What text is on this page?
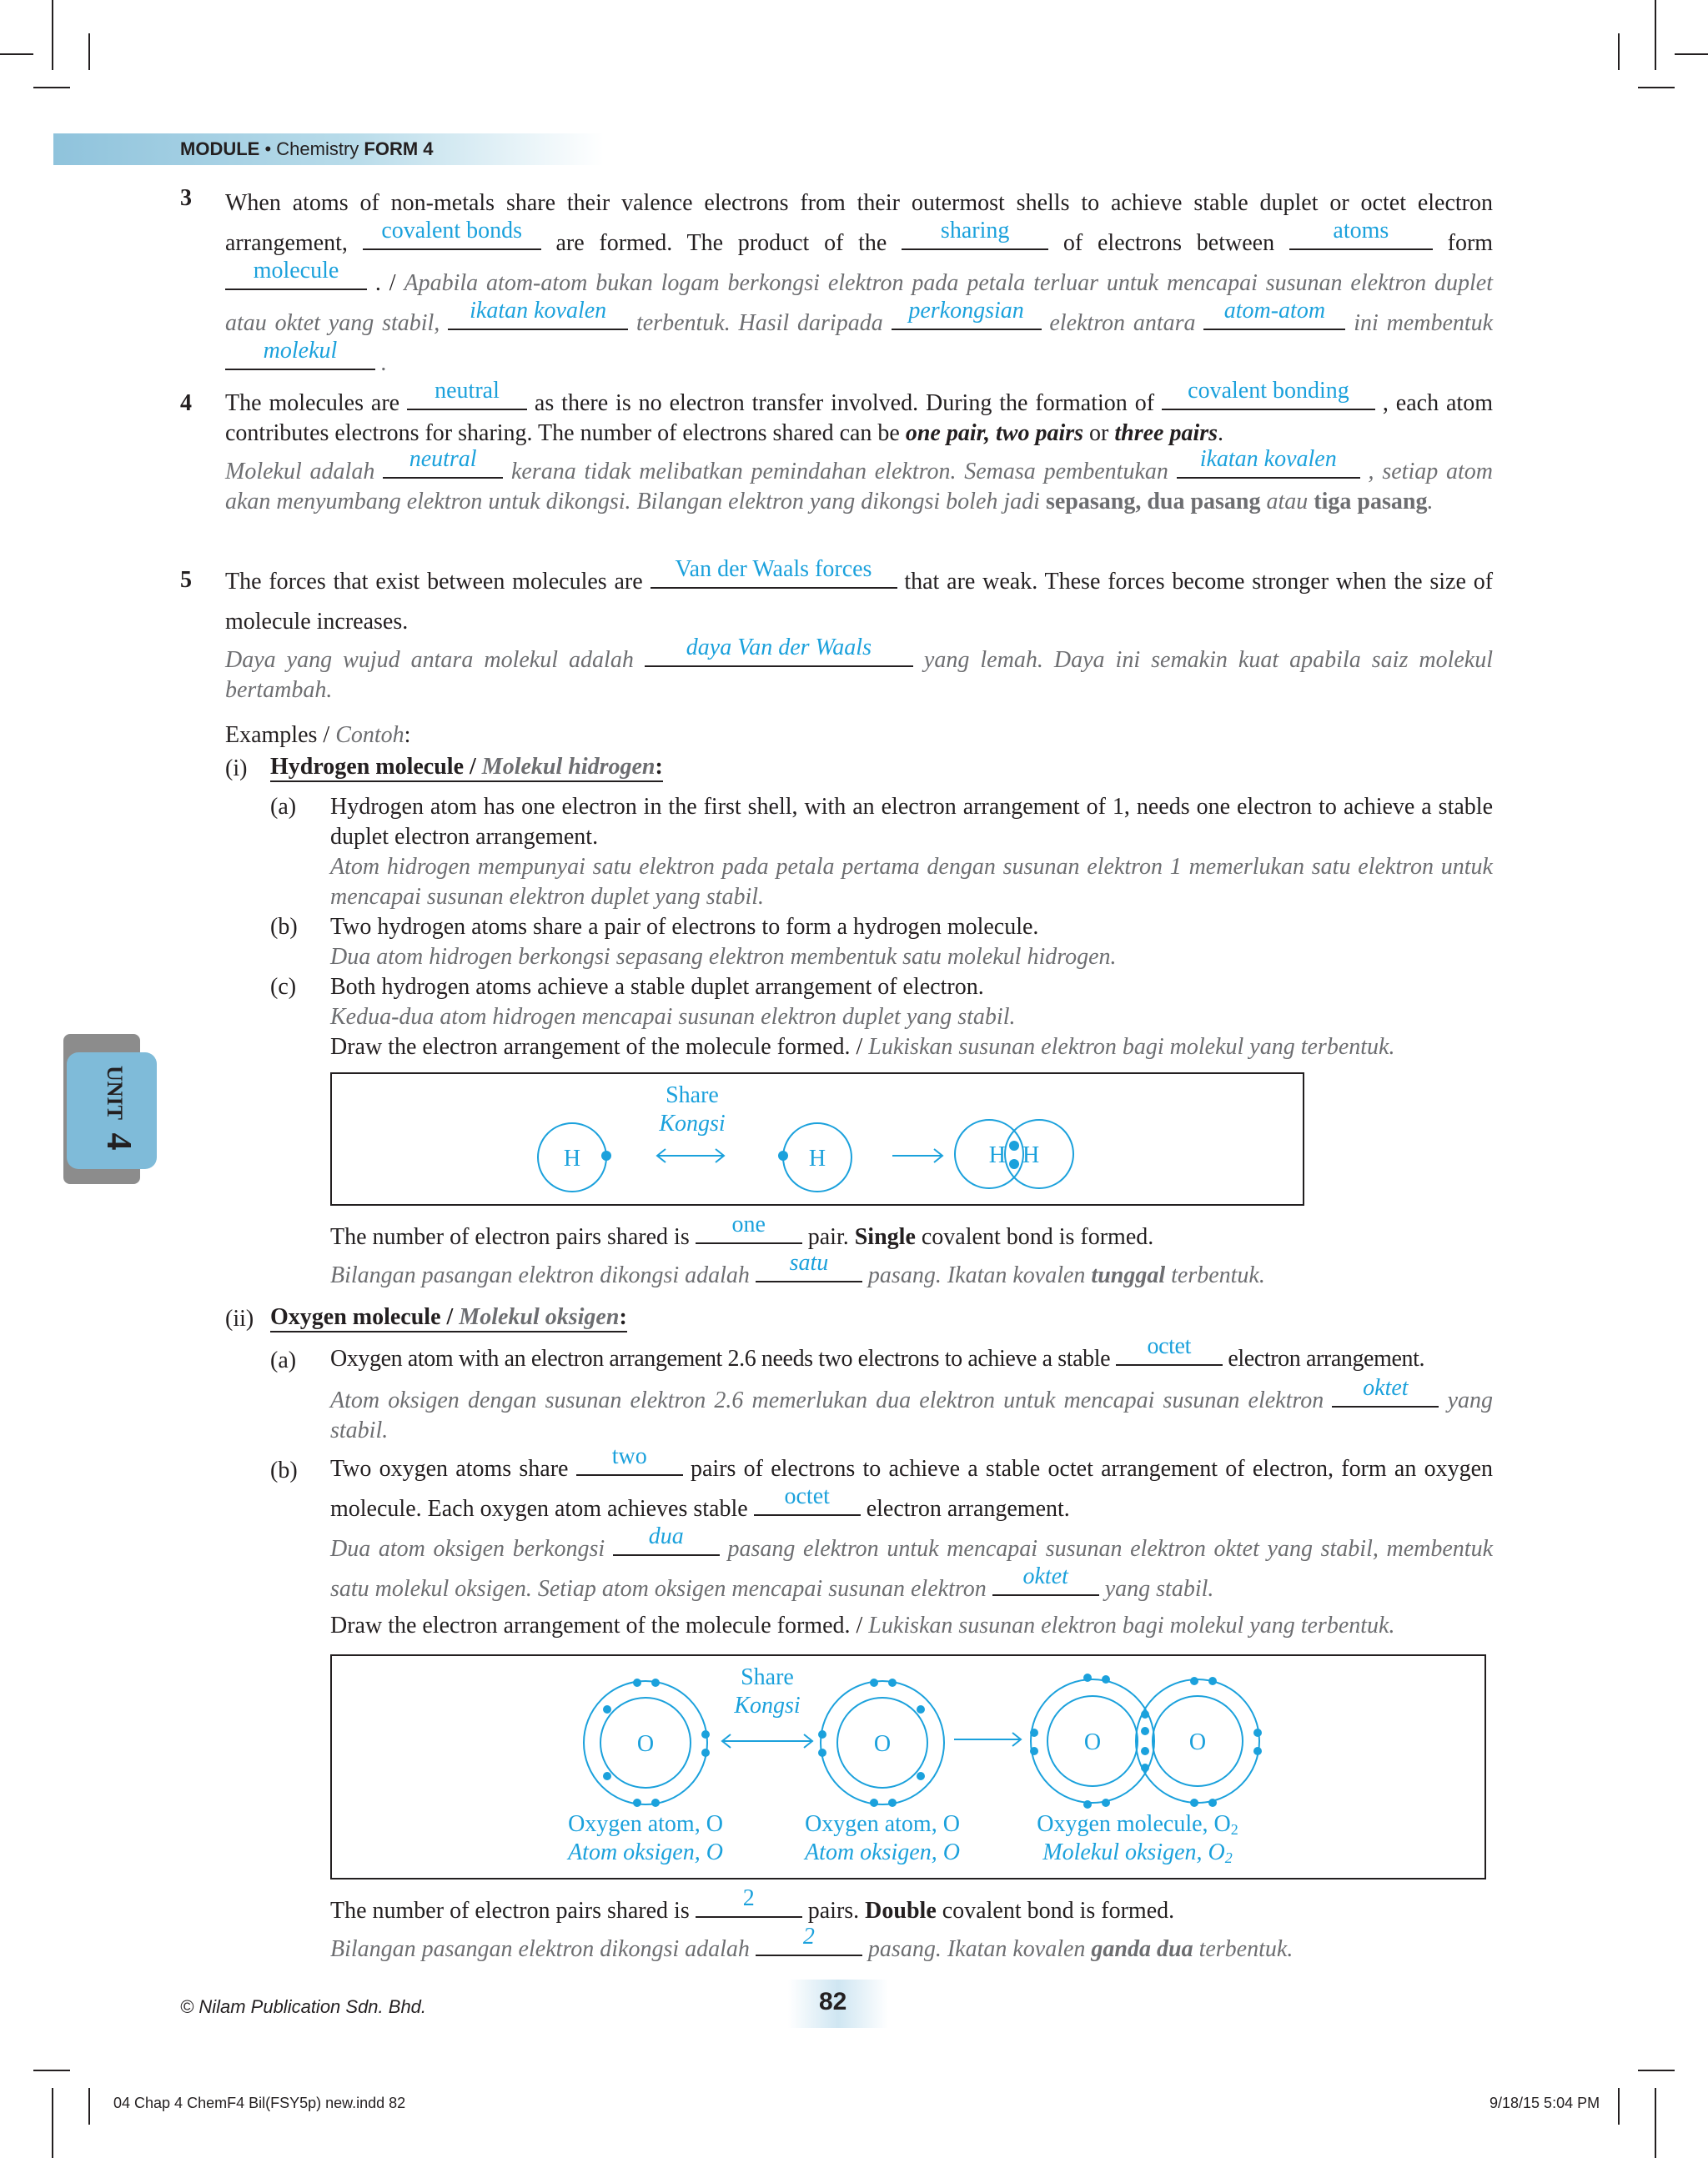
MODULE • Chemistry FORM 4
3 When atoms of non-metals share their valence electrons from their outermost shells to achieve stable duplet or octet electron arrangement,	covalent bonds	are formed. The product of the	sharing	of electrons between	atoms	form
molecule	. / Apabila atom-atom bukan logam berkongsi elektron pada petala terluar untuk mencapai susunan elektron duplet atau oktet yang stabil,	ikatan kovalen	terbentuk. Hasil daripada	perkongsian	elektron antara	atom-atom	ini membentuk
molekul	.
4 The molecules are	neutral	as there is no electron transfer involved. During the formation of	covalent bonding	, each atom contributes electrons for sharing. The number of electrons shared can be one pair, two pairs or three pairs.
Molekul adalah	neutral	kerana tidak melibatkan pemindahan elektron. Semasa pembentukan	ikatan kovalen	, setiap atom akan menyumbang elektron untuk dikongsi. Bilangan elektron yang dikongsi boleh jadi sepasang, dua pasang atau tiga pasang.
5 The forces that exist between molecules are	Van der Waals forces	that are weak. These forces become stronger when the size of molecule increases.
Daya yang wujud antara molekul adalah	daya Van der Waals	yang lemah. Daya ini semakin kuat apabila saiz molekul bertambah.
Examples / Contoh:
(i) Hydrogen molecule / Molekul hidrogen:
(a) Hydrogen atom has one electron in the first shell, with an electron arrangement of 1, needs one electron to achieve a stable duplet electron arrangement.
Atom hidrogen mempunyai satu elektron pada petala pertama dengan susunan elektron 1 memerlukan satu elektron untuk mencapai susunan elektron duplet yang stabil.
(b) Two hydrogen atoms share a pair of electrons to form a hydrogen molecule.
Dua atom hidrogen berkongsi sepasang elektron membentuk satu molekul hidrogen.
(c) Both hydrogen atoms achieve a stable duplet arrangement of electron.
Kedua-dua atom hidrogen mencapai susunan elektron duplet yang stabil.
Draw the electron arrangement of the molecule formed. / Lukiskan susunan elektron bagi molekul yang terbentuk.
H	H	H H
Share
Kongsi
The number of electron pairs shared is	one	pair. Single covalent bond is formed.
Bilangan pasangan elektron dikongsi adalah	satu	pasang. Ikatan kovalen tunggal terbentuk.
(ii) Oxygen molecule / Molekul oksigen:
(a) Oxygen atom with an electron arrangement 2.6 needs two electrons to achieve a stable	octet	electron arrangement.
Atom oksigen dengan susunan elektron 2.6 memerlukan dua elektron untuk mencapai susunan elektron	oktet	yang stabil.
(b) Two oxygen atoms share	two	pairs of electrons to achieve a stable octet arrangement of electron, form an oxygen molecule. Each oxygen atom achieves stable	octet	electron arrangement.
Dua atom oksigen berkongsi	dua	pasang elektron untuk mencapai susunan elektron oktet yang stabil, membentuk satu molekul oksigen. Setiap atom oksigen mencapai susunan elektron	oktet	yang stabil.
Draw the electron arrangement of the molecule formed. / Lukiskan susunan elektron bagi molekul yang terbentuk.
O	O	O	O
Share
Kongsi
Oxygen atom, O
Atom oksigen, O
Oxygen atom, O
Atom oksigen, O
Oxygen molecule, O2
Molekul oksigen, O2
The number of electron pairs shared is	2	pairs. Double covalent bond is formed.
Bilangan pasangan elektron dikongsi adalah	2	pasang. Ikatan kovalen ganda dua terbentuk.
UNIT 4
© Nilam Publication Sdn. Bhd.	82
04 Chap 4 ChemF4 Bil(FSY5p) new.indd 82	9/18/15 5:04 PM
